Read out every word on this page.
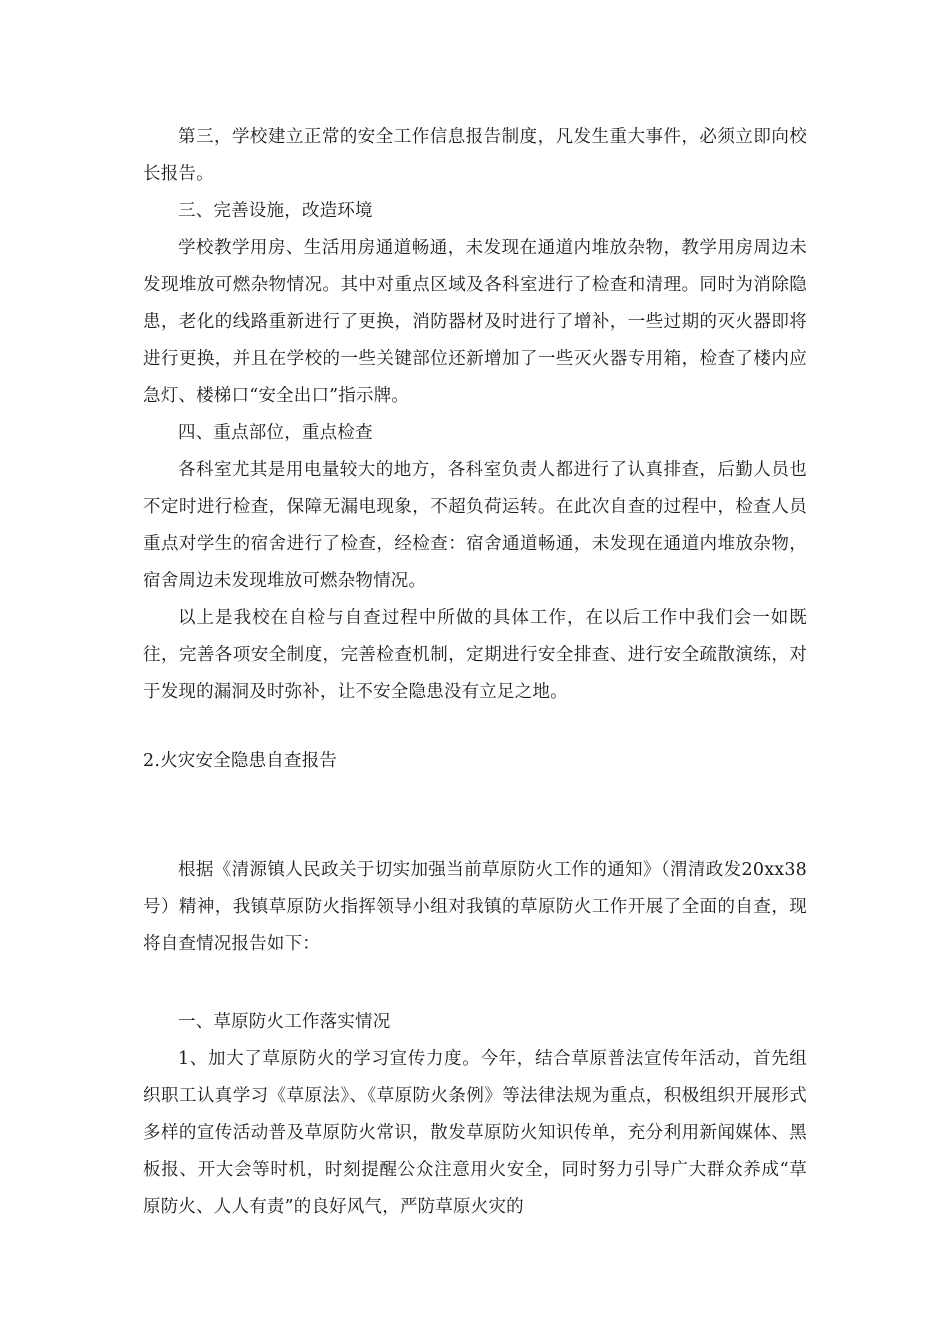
第三，学校建立正常的安全工作信息报告制度，凡发生重大事件，必须立即向校长报告。

三、完善设施，改造环境

学校教学用房、生活用房通道畅通，未发现在通道内堆放杂物，教学用房周边未发现堆放可燃杂物情况。其中对重点区域及各科室进行了检查和清理。同时为消除隐患，老化的线路重新进行了更换，消防器材及时进行了增补，一些过期的灭火器即将进行更换，并且在学校的一些关键部位还新增加了一些灭火器专用箱，检查了楼内应急灯、楼梯口“安全出口”指示牌。

四、重点部位，重点检查

各科室尤其是用电量较大的地方，各科室负责人都进行了认真排查，后勤人员也不定时进行检查，保障无漏电现象，不超负荷运转。在此次自查的过程中，检查人员重点对学生的宿舍进行了检查，经检查：宿舍通道畅通，未发现在通道内堆放杂物，宿舍周边未发现堆放可燃杂物情况。

以上是我校在自检与自查过程中所做的具体工作，在以后工作中我们会一如既往，完善各项安全制度，完善检查机制，定期进行安全排查、进行安全疏散演练，对于发现的漏洞及时弥补，让不安全隐患没有立足之地。

2.火灾安全隐患自查报告

根据《清源镇人民政关于切实加强当前草原防火工作的通知》（渭清政发20xx38号）精神，我镇草原防火指挥领导小组对我镇的草原防火工作开展了全面的自查，现将自查情况报告如下：

一、草原防火工作落实情况

1、加大了草原防火的学习宣传力度。今年，结合草原普法宣传年活动，首先组织职工认真学习《草原法》、《草原防火条例》等法律法规为重点，积极组织开展形式多样的宣传活动普及草原防火常识，散发草原防火知识传单，充分利用新闻媒体、黑板报、开大会等时机，时刻提醒公众注意用火安全，同时努力引导广大群众养成“草原防火、人人有责”的良好风气，严防草原火灾的
